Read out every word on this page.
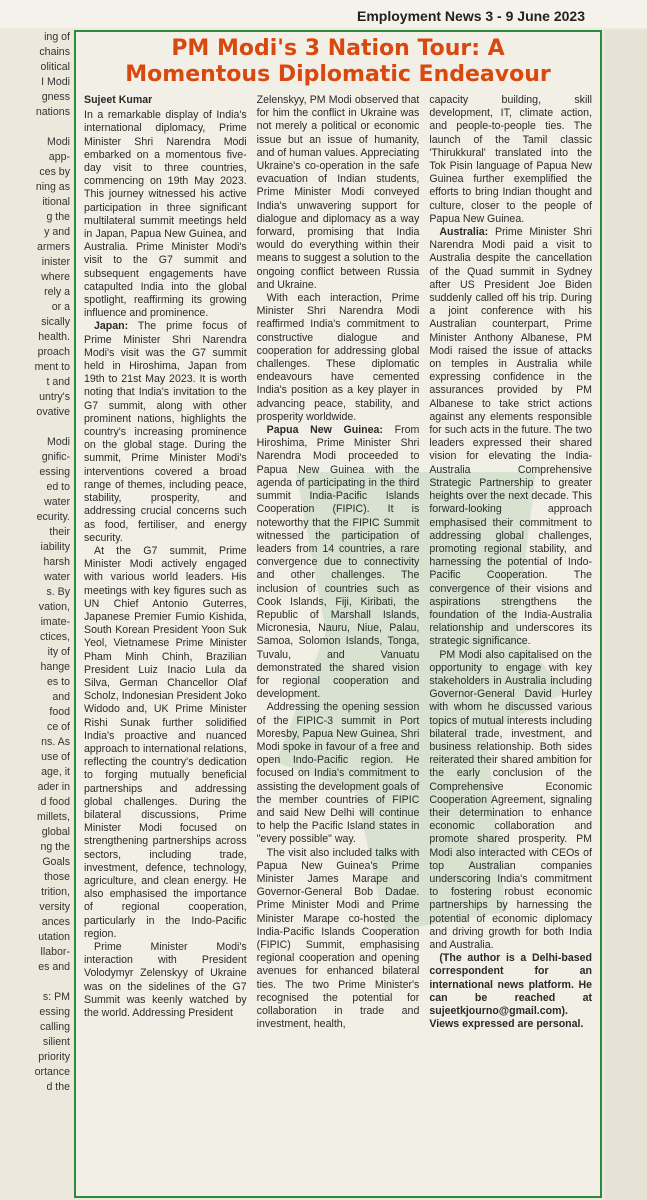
Employment News 3 - 9 June 2023
ing of
chains
olitical
I Modi
gness
nations

Modi
app-
ces by
ning as
itional
g the
y and
armers
inister
where
rely a
or a
sically
health.
proach
ment to
t and
untry's
ovative

Modi
gnific-
essing
ed to
water
ecurity.
their
iability
harsh
water
s. By
vation,
imate-
ctices,
ity of
hange
es to
and
food
ce of
ns. As
use of
age, it
ader in
d food
millets,
global
ng the
Goals
those
trition,
versity
ances
utation
llabor-
es and

s: PM
essing
calling
silient
priority
ortance
d the
PM Modi's 3 Nation Tour: A
Momentous Diplomatic Endeavour
Sujeet Kumar

In a remarkable display of India's international diplomacy, Prime Minister Shri Narendra Modi embarked on a momentous five-day visit to three countries, commencing on 19th May 2023. This journey witnessed his active participation in three significant multilateral summit meetings held in Japan, Papua New Guinea, and Australia. Prime Minister Modi's visit to the G7 summit and subsequent engagements have catapulted India into the global spotlight, reaffirming its growing influence and prominence.

Japan: The prime focus of Prime Minister Shri Narendra Modi's visit was the G7 summit held in Hiroshima, Japan from 19th to 21st May 2023. It is worth noting that India's invitation to the G7 summit, along with other prominent nations, highlights the country's increasing prominence on the global stage. During the summit, Prime Minister Modi's interventions covered a broad range of themes, including peace, stability, prosperity, and addressing crucial concerns such as food, fertiliser, and energy security.

At the G7 summit, Prime Minister Modi actively engaged with various world leaders. His meetings with key figures such as UN Chief Antonio Guterres, Japanese Premier Fumio Kishida, South Korean President Yoon Suk Yeol, Vietnamese Prime Minister Pham Minh Chinh, Brazilian President Luiz Inacio Lula da Silva, German Chancellor Olaf Scholz, Indonesian President Joko Widodo and, UK Prime Minister Rishi Sunak further solidified India's proactive and nuanced approach to international relations, reflecting the country's dedication to forging mutually beneficial partnerships and addressing global challenges. During the bilateral discussions, Prime Minister Modi focused on strengthening partnerships across sectors, including trade, investment, defence, technology, agriculture, and clean energy. He also emphasised the importance of regional cooperation, particularly in the Indo-Pacific region.

Prime Minister Modi's interaction with President Volodymyr Zelenskyy of Ukraine was on the sidelines of the G7 Summit was keenly watched by the world. Addressing President

Zelenskyy, PM Modi observed that for him the conflict in Ukraine was not merely a political or economic issue but an issue of humanity, and of human values. Appreciating Ukraine's co-operation in the safe evacuation of Indian students, Prime Minister Modi conveyed India's unwavering support for dialogue and diplomacy as a way forward, promising that India would do everything within their means to suggest a solution to the ongoing conflict between Russia and Ukraine.

With each interaction, Prime Minister Shri Narendra Modi reaffirmed India's commitment to constructive dialogue and cooperation for addressing global challenges. These diplomatic endeavours have cemented India's position as a key player in advancing peace, stability, and prosperity worldwide.

Papua New Guinea: From Hiroshima, Prime Minister Shri Narendra Modi proceeded to Papua New Guinea with the agenda of participating in the third summit India-Pacific Islands Cooperation (FIPIC). It is noteworthy that the FIPIC Summit witnessed the participation of leaders from 14 countries, a rare convergence due to connectivity and other challenges. The inclusion of countries such as Cook Islands, Fiji, Kiribati, the Republic of Marshall Islands, Micronesia, Nauru, Niue, Palau, Samoa, Solomon Islands, Tonga, Tuvalu, and Vanuatu demonstrated the shared vision for regional cooperation and development.

Addressing the opening session of the FIPIC-3 summit in Port Moresby, Papua New Guinea, Shri Modi spoke in favour of a free and open Indo-Pacific region. He focused on India's commitment to assisting the development goals of the member countries of FIPIC and said New Delhi will continue to help the Pacific Island states in "every possible" way.

The visit also included talks with Papua New Guinea's Prime Minister James Marape and Governor-General Bob Dadae. Prime Minister Modi and Prime Minister Marape co-hosted the India-Pacific Islands Cooperation (FIPIC) Summit, emphasising regional cooperation and opening avenues for enhanced bilateral ties. The two Prime Minister's recognised the potential for collaboration in trade and investment, health,

capacity building, skill development, IT, climate action, and people-to-people ties. The launch of the Tamil classic 'Thirukkural' translated into the Tok Pisin language of Papua New Guinea further exemplified the efforts to bring Indian thought and culture, closer to the people of Papua New Guinea.

Australia: Prime Minister Shri Narendra Modi paid a visit to Australia despite the cancellation of the Quad summit in Sydney after US President Joe Biden suddenly called off his trip. During a joint conference with his Australian counterpart, Prime Minister Anthony Albanese, PM Modi raised the issue of attacks on temples in Australia while expressing confidence in the assurances provided by PM Albanese to take strict actions against any elements responsible for such acts in the future. The two leaders expressed their shared vision for elevating the India-Australia Comprehensive Strategic Partnership to greater heights over the next decade. This forward-looking approach emphasised their commitment to addressing global challenges, promoting regional stability, and harnessing the potential of Indo-Pacific Cooperation. The convergence of their visions and aspirations strengthens the foundation of the India-Australia relationship and underscores its strategic significance.

PM Modi also capitalised on the opportunity to engage with key stakeholders in Australia including Governor-General David Hurley with whom he discussed various topics of mutual interests including bilateral trade, investment, and business relationship. Both sides reiterated their shared ambition for the early conclusion of the Comprehensive Economic Cooperation Agreement, signaling their determination to enhance economic collaboration and promote shared prosperity. PM Modi also interacted with CEOs of top Australian companies underscoring India's commitment to fostering robust economic partnerships by harnessing the potential of economic diplomacy and driving growth for both India and Australia.

(The author is a Delhi-based correspondent for an international news platform. He can be reached at sujeetkjourno@gmail.com). Views expressed are personal.
